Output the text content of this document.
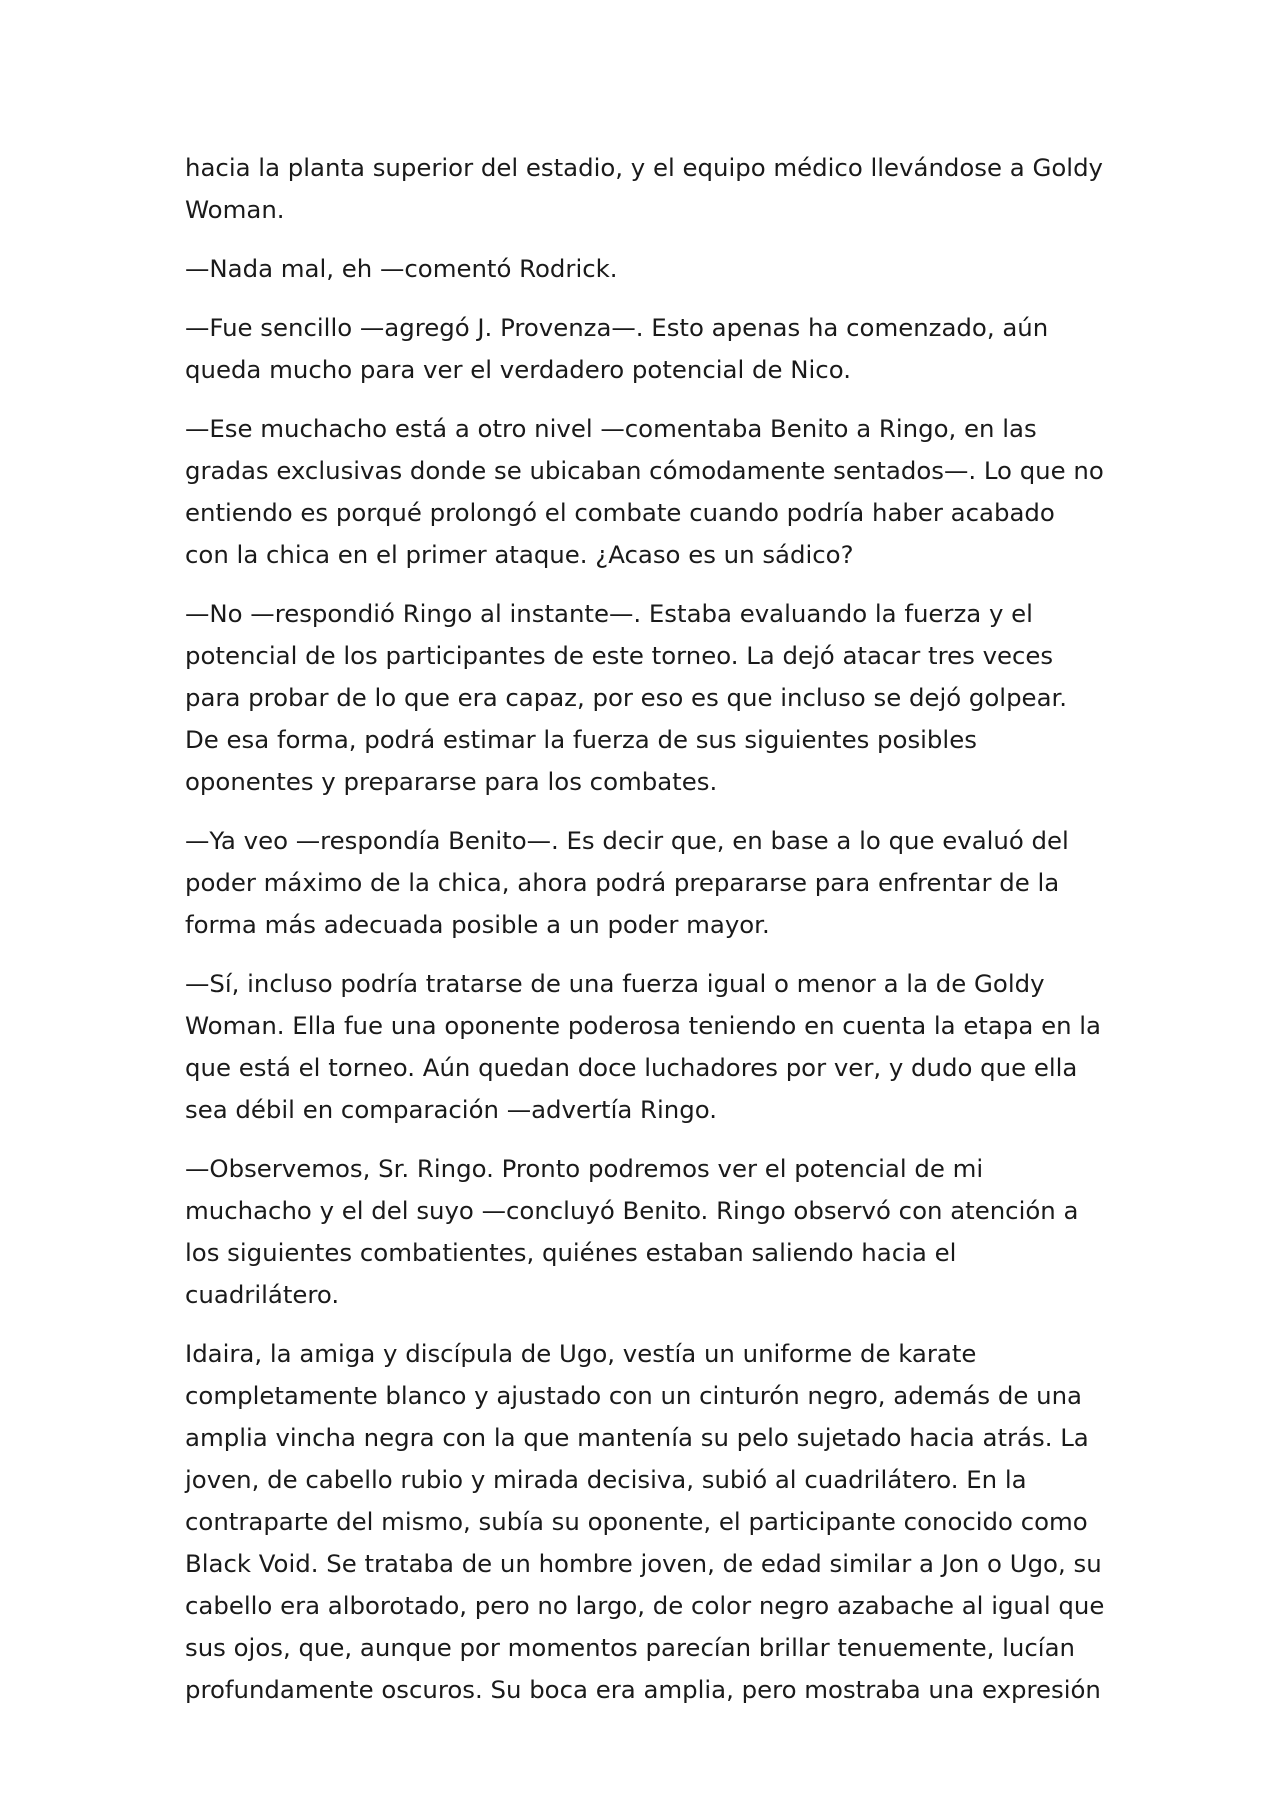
hacia la planta superior del estadio, y el equipo médico llevándose a Goldy Woman.

—Nada mal, eh —comentó Rodrick.

—Fue sencillo —agregó J. Provenza—. Esto apenas ha comenzado, aún queda mucho para ver el verdadero potencial de Nico.

—Ese muchacho está a otro nivel —comentaba Benito a Ringo, en las gradas exclusivas donde se ubicaban cómodamente sentados—. Lo que no entiendo es porqué prolongó el combate cuando podría haber acabado con la chica en el primer ataque. ¿Acaso es un sádico?

—No —respondió Ringo al instante—. Estaba evaluando la fuerza y el potencial de los participantes de este torneo. La dejó atacar tres veces para probar de lo que era capaz, por eso es que incluso se dejó golpear. De esa forma, podrá estimar la fuerza de sus siguientes posibles oponentes y prepararse para los combates.

—Ya veo —respondía Benito—. Es decir que, en base a lo que evaluó del poder máximo de la chica, ahora podrá prepararse para enfrentar de la forma más adecuada posible a un poder mayor.

—Sí, incluso podría tratarse de una fuerza igual o menor a la de Goldy Woman. Ella fue una oponente poderosa teniendo en cuenta la etapa en la que está el torneo. Aún quedan doce luchadores por ver, y dudo que ella sea débil en comparación —advertía Ringo.

—Observemos, Sr. Ringo. Pronto podremos ver el potencial de mi muchacho y el del suyo —concluyó Benito. Ringo observó con atención a los siguientes combatientes, quiénes estaban saliendo hacia el cuadrilátero.

Idaira, la amiga y discípula de Ugo, vestía un uniforme de karate completamente blanco y ajustado con un cinturón negro, además de una amplia vincha negra con la que mantenía su pelo sujetado hacia atrás. La joven, de cabello rubio y mirada decisiva, subió al cuadrilátero. En la contraparte del mismo, subía su oponente, el participante conocido como Black Void. Se trataba de un hombre joven, de edad similar a Jon o Ugo, su cabello era alborotado, pero no largo, de color negro azabache al igual que sus ojos, que, aunque por momentos parecían brillar tenuemente, lucían profundamente oscuros. Su boca era amplia, pero mostraba una expresión
